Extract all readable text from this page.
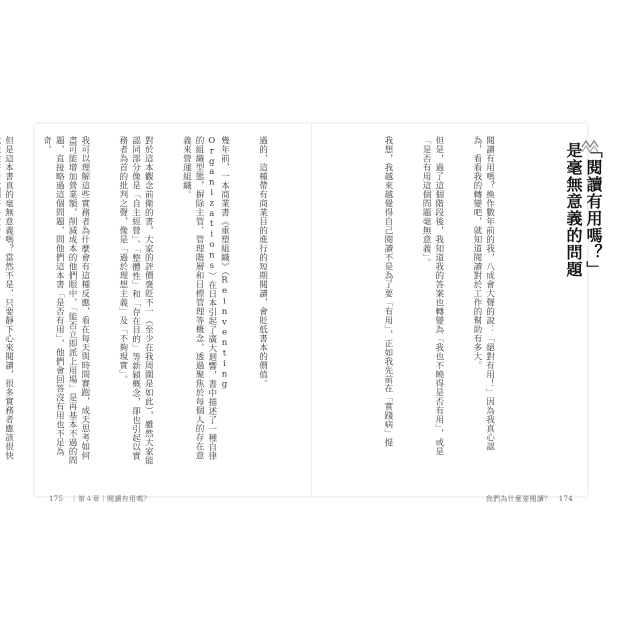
「閱讀有用嗎？」
是毫無意義的問題

閱讀有用嗎？換作數年前的我，八成會大聲的說：「絕對有用！」因為我真心認為，看看我的轉變吧，就知道閱讀對於工作的幫助有多大。

但是，過了這個階段後，我知道我的答案也轉變為「我也不曉得是否有用」，或是「是否有用這個問題毫無意義」。

我想，我越來越覺得自己閱讀不是為了要「有用」，正如我先前在「實踐病」提

過的，這種帶有商業目的進行的短期閱讀，會貶低書本的價值。

幾年前，一本商業書《重塑組織》（Reinventing Organizations）在日本引起了廣大迴響，書中描述了一種自律的組織型態，摒除主管、管理階層和目標管理等概念，透過聚焦於每個人的存在意義來營運組織。

對於這本觀念前衛的書，大家的評價褒貶不一（至少在我周圍是如此），雖然大家能認同部分像是「自主經營」、「整體性」和「存在目的」等新穎概念，卻也引起以實務者為首的批判之聲，像是「過於理想主義」及「不夠現實」。

我可以理解這些實務者為什麼會有這種反應，看在每天與時間賽跑，成天思考如何盡可能增加營業額，削減成本的他們眼中，「能否立即派上用場」是再基本不過的問題，直接略過這個問題，問他們這本書「是否有用」，他們會回答沒有用也不足為奇。

但是這本書真的毫無意義嗎？當然不是，只要靜下心來閱讀，很多實務者應該很快

175　｜第４章｜閱讀有用嗎？	我們為什麼要閱讀？　174
